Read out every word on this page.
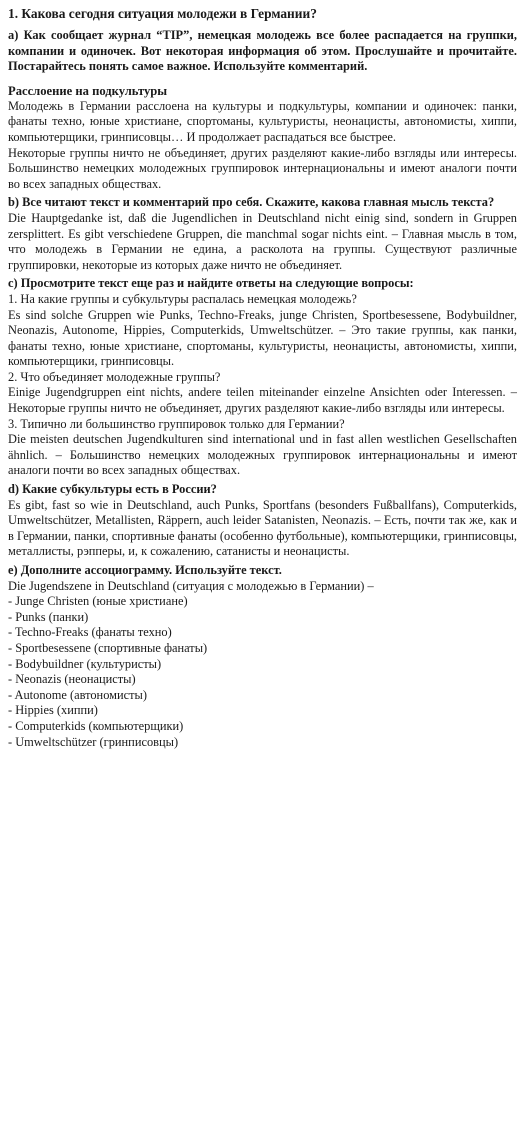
1. Какова сегодня ситуация молодежи в Германии?

a) Как сообщает журнал “TIP”, немецкая молодежь все более распадается на группки, компании и одиночек. Вот некоторая информация об этом. Прослушайте и прочитайте. Постарайтесь понять самое важное. Используйте комментарий.

Расслоение на подкультуры

Молодежь в Германии расслоена на культуры и подкультуры, компании и одиночек: панки, фанаты техно, юные христиане, спортоманы, культуристы, неонацисты, автономисты, хиппи, компьютерщики, гринписовцы… И продолжает распадаться все быстрее.

Некоторые группы ничто не объединяет, других разделяют какие-либо взгляды или интересы. Большинство немецких молодежных группировок интернациональны и имеют аналоги почти во всех западных обществах.

b) Все читают текст и комментарий про себя. Скажите, какова главная мысль текста?

Die Hauptgedanke ist, daß die Jugendlichen in Deutschland nicht einig sind, sondern in Gruppen zersplittert. Es gibt verschiedene Gruppen, die manchmal sogar nichts eint. – Главная мысль в том, что молодежь в Германии не едина, а расколота на группы. Существуют различные группировки, некоторые из которых даже ничто не объединяет.

c) Просмотрите текст еще раз и найдите ответы на следующие вопросы:

1. На какие группы и субкультуры распалась немецкая молодежь?

Es sind solche Gruppen wie Punks, Techno-Freaks, junge Christen, Sportbesessene, Bodybuildner, Neonazis, Autonome, Hippies, Computerkids, Umweltschützer. – Это такие группы, как панки, фанаты техно, юные христиане, спортоманы, культуристы, неонацисты, автономисты, хиппи, компьютерщики, гринписовцы.

2. Что объединяет молодежные группы?

Einige Jugendgruppen eint nichts, andere teilen miteinander einzelne Ansichten oder Interessen. – Некоторые группы ничто не объединяет, других разделяют какие-либо взгляды или интересы.

3. Типично ли большинство группировок только для Германии?

Die meisten deutschen Jugendkulturen sind international und in fast allen westlichen Gesellschaften ähnlich. – Большинство немецких молодежных группировок интернациональны и имеют аналоги почти во всех западных обществах.

d) Какие субкультуры есть в России?

Es gibt, fast so wie in Deutschland, auch Punks, Sportfans (besonders Fußballfans), Computerkids, Umweltschützer, Metallisten, Räppern, auch leider Satanisten, Neonazis. – Есть, почти так же, как и в Германии, панки, спортивные фанаты (особенно футбольные), компьютерщики, гринписовцы, металлисты, рэпперы, и, к сожалению, сатанисты и неонацисты.

e) Дополните ассоциограмму. Используйте текст.

Die Jugendszene in Deutschland (ситуация с молодежью в Германии) –

- Junge Christen (юные христиане)
- Punks (панки)
- Techno-Freaks (фанаты техно)
- Sportbesessene (спортивные фанаты)
- Bodybuildner (культуристы)
- Neonazis (неонацисты)
- Autonome (автономисты)
- Hippies (хиппи)
- Computerkids (компьютерщики)
- Umweltschützer (гринписовцы)
